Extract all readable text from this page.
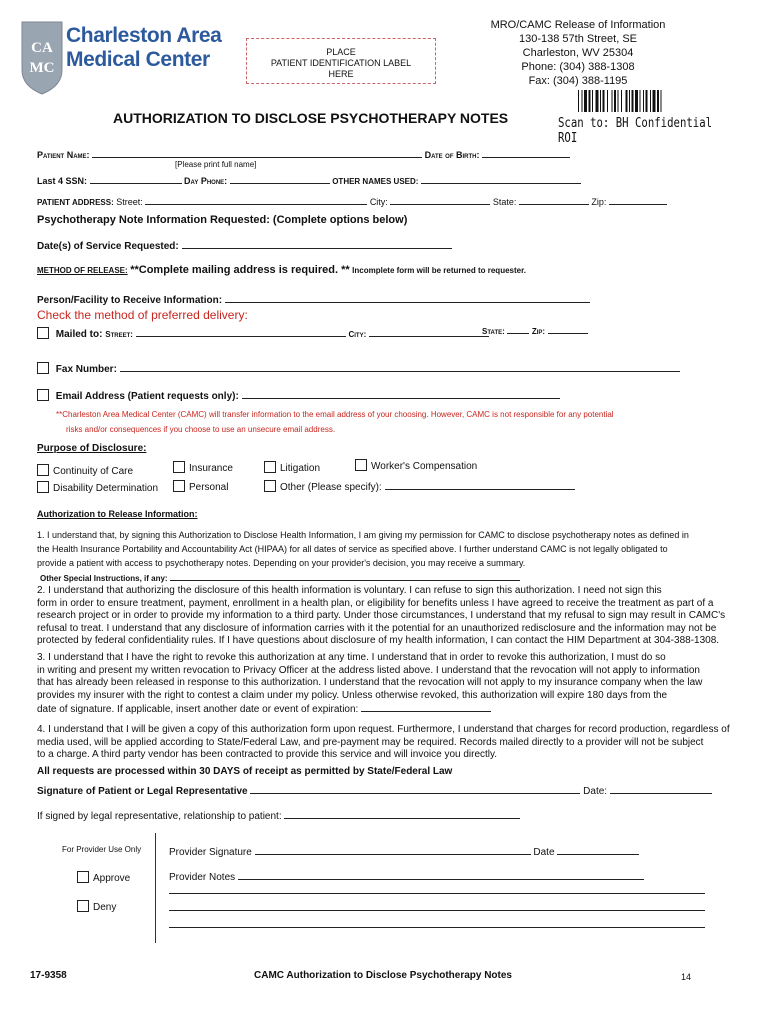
CA
MC
Charleston Area
Medical Center	PLACE
PATIENT IDENTIFICATION LABEL
HERE
MRO/CAMC Release of Information
130-138 57th Street, SE
Charleston, WV 25304
Phone: (304) 388-1308
Fax: (304) 388-1195
Scan to: BH Confidential ROI
AUTHORIZATION TO DISCLOSE PSYCHOTHERAPY NOTES
Patient Name:	Date of Birth:
[Please print full name]
Last 4 SSN:	Day Phone:	OTHER NAMES USED:
PATIENT ADDRESS: Street:	City:	State:	Zip:
Psychotherapy Note Information Requested: (Complete options below)
Date(s) of Service Requested:
METHOD OF RELEASE: **Complete mailing address is required. ** Incomplete form will be returned to requester.
Person/Facility to Receive Information:
Check the method of preferred delivery:
Mailed to: Street:	City:	State:	Zip:
Fax Number:
Email Address (Patient requests only):
**Charleston Area Medical Center (CAMC) will transfer information to the email address of your choosing. However, CAMC is not responsible for any potential
risks and/or consequences if you choose to use an unsecure email address.
Purpose of Disclosure:
Continuity of Care
Disability Determination
Insurance
Personal
Litigation
Other (Please specify):
Worker's Compensation
Authorization to Release Information:
1. I understand that, by signing this Authorization to Disclose Health Information, I am giving my permission for CAMC to disclose psychotherapy notes as defined in
the Health Insurance Portability and Accountability Act (HIPAA) for all dates of service as specified above. I further understand CAMC is not legally obligated to
provide a patient with access to psychotherapy notes. Depending on your provider's decision, you may receive a summary.
Other Special Instructions, if any:
2. I understand that authorizing the disclosure of this health information is voluntary. I can refuse to sign this authorization. I need not sign this
form in order to ensure treatment, payment, enrollment in a health plan, or eligibility for benefits unless I have agreed to receive the treatment as part of a
research project or in order to provide my information to a third party. Under those circumstances, I understand that my refusal to sign may result in CAMC's
refusal to treat. I understand that any disclosure of information carries with it the potential for an unauthorized redisclosure and the information may not be
protected by federal confidentiality rules. If I have questions about disclosure of my health information, I can contact the HIM Department at 304-388-1308.
3. I understand that I have the right to revoke this authorization at any time. I understand that in order to revoke this authorization, I must do so
in writing and present my written revocation to Privacy Officer at the address listed above. I understand that the revocation will not apply to information
that has already been released in response to this authorization. I understand that the revocation will not apply to my insurance company when the law
provides my insurer with the right to contest a claim under my policy. Unless otherwise revoked, this authorization will expire 180 days from the
date of signature. If applicable, insert another date or event of expiration:
4. I understand that I will be given a copy of this authorization form upon request. Furthermore, I understand that charges for record production, regardless of
media used, will be applied according to State/Federal Law, and pre-payment may be required. Records mailed directly to a provider will not be subject
to a charge. A third party vendor has been contracted to provide this service and will invoice you directly.
All requests are processed within 30 DAYS of receipt as permitted by State/Federal Law
Signature of Patient or Legal Representative	Date:
If signed by legal representative, relationship to patient:
For Provider Use Only
Approve
Deny
Provider Signature	Date
Provider Notes
17-9358	CAMC Authorization to Disclose Psychotherapy Notes	14
